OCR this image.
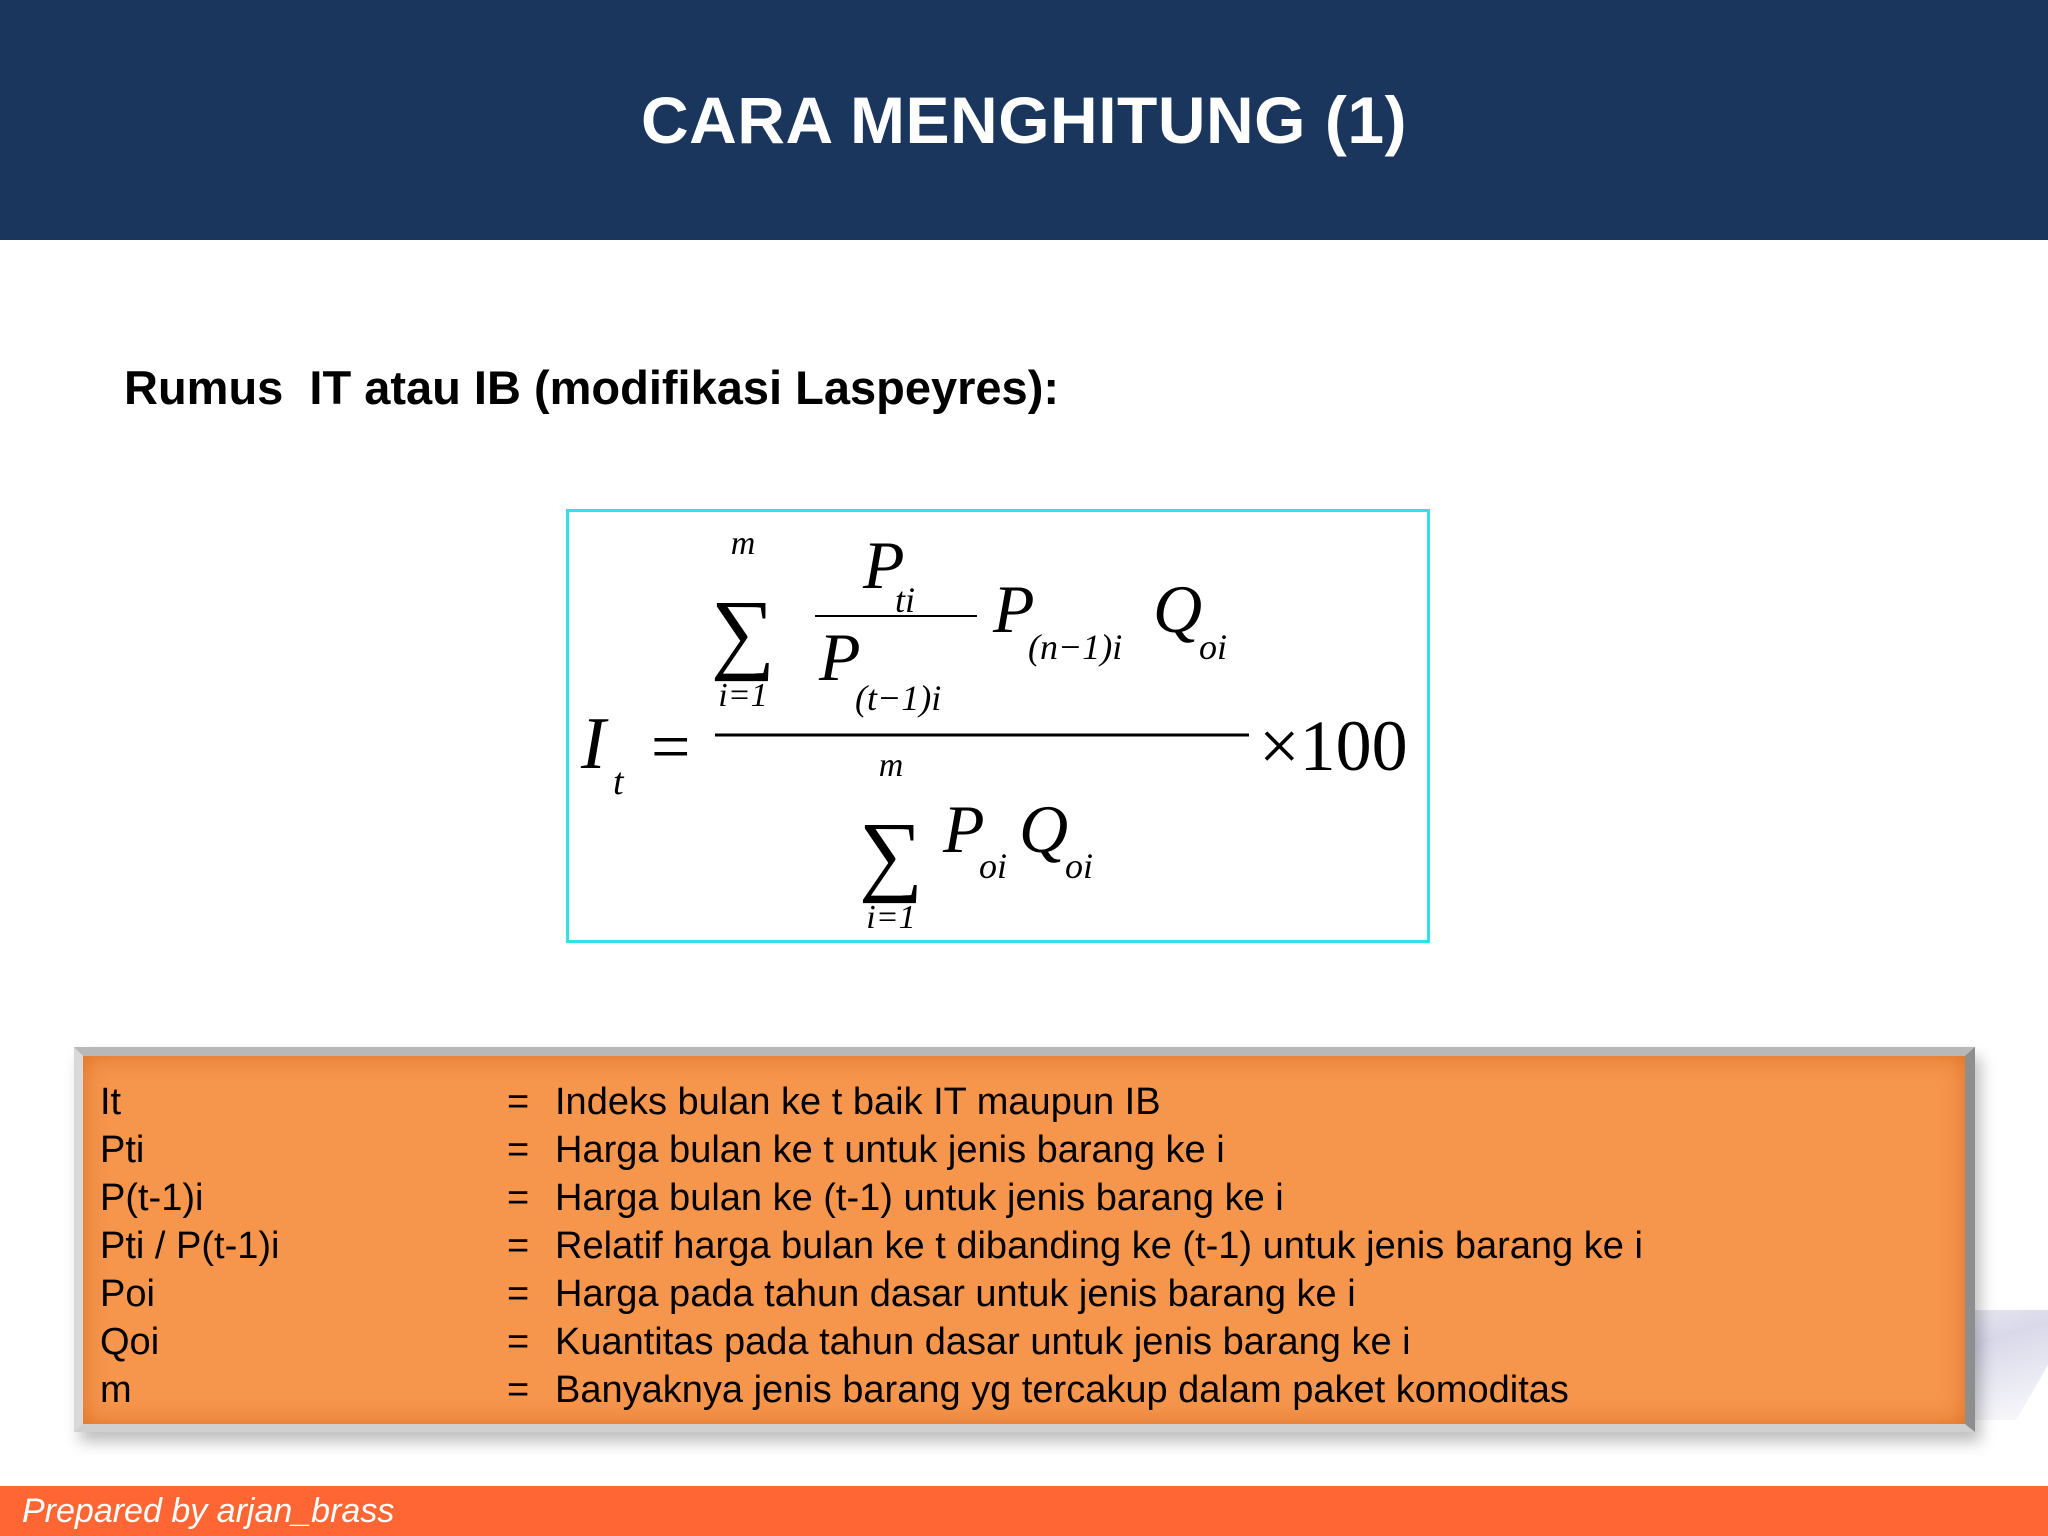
CARA MENGHITUNG (1)
Rumus  IT atau IB (modifikasi Laspeyres):
m
∑
i=1
P
ti
P
(t−1)i
P
(n−1)i Q
oi
I t =	×100
m
∑
i=1
P
oi Q
oi
It	= Indeks bulan ke t baik IT maupun IB
Pti	= Harga bulan ke t untuk jenis barang ke i
P(t-1)i	= Harga bulan ke (t-1) untuk jenis barang ke i
Pti / P(t-1)i	= Relatif harga bulan ke t dibanding ke (t-1) untuk jenis barang ke i
Poi	= Harga pada tahun dasar untuk jenis barang ke i
Qoi	= Kuantitas pada tahun dasar untuk jenis barang ke i
m	= Banyaknya jenis barang yg tercakup dalam paket komoditas
Prepared by arjan_brass
